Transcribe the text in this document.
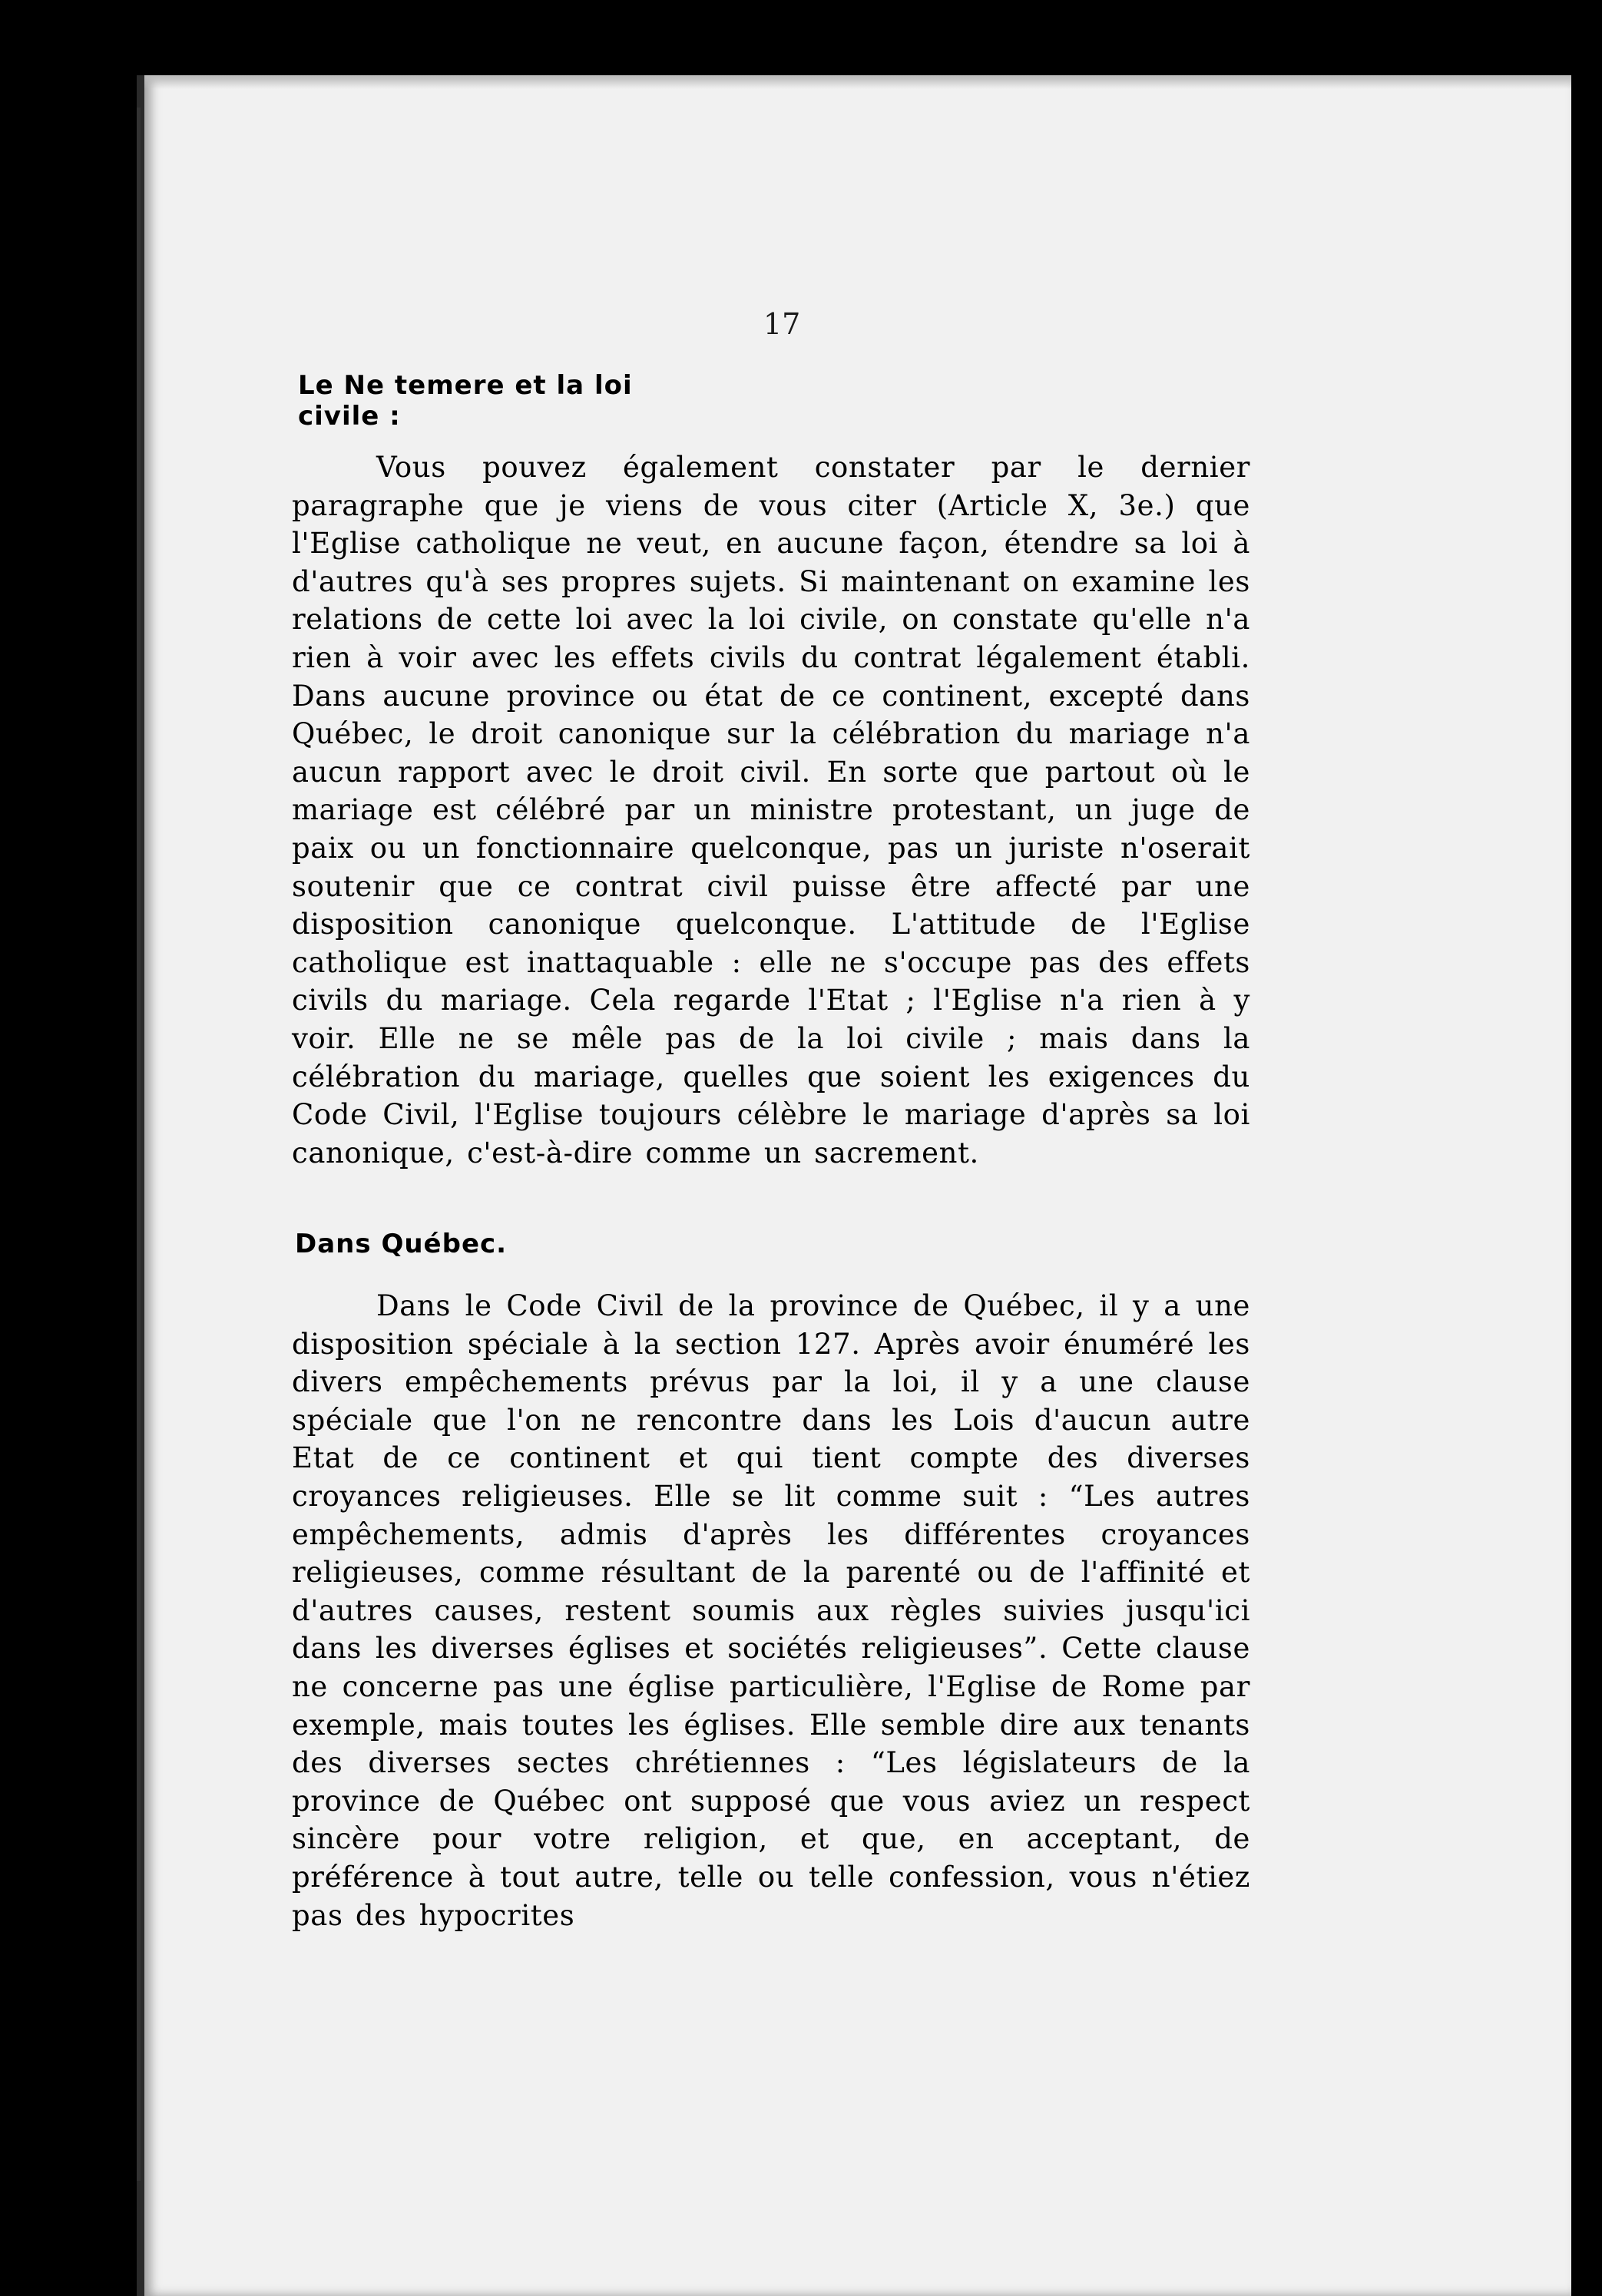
17
Le Ne temere et la loi civile :

Vous pouvez également constater par le dernier paragraphe que je viens de vous citer (Article X, 3e.) que l'Eglise catholique ne veut, en aucune façon, étendre sa loi à d'autres qu'à ses propres sujets. Si maintenant on examine les relations de cette loi avec la loi civile, on constate qu'elle n'a rien à voir avec les effets civils du contrat légalement établi. Dans aucune province ou état de ce continent, excepté dans Québec, le droit canonique sur la célébration du mariage n'a aucun rapport avec le droit civil. En sorte que partout où le mariage est célébré par un ministre protestant, un juge de paix ou un fonctionnaire quelconque, pas un juriste n'oserait soutenir que ce contrat civil puisse être affecté par une disposition canonique quelconque. L'attitude de l'Eglise catholique est inattaquable : elle ne s'occupe pas des effets civils du mariage. Cela regarde l'Etat ; l'Eglise n'a rien à y voir. Elle ne se mêle pas de la loi civile ; mais dans la célébration du mariage, quelles que soient les exigences du Code Civil, l'Eglise toujours célèbre le mariage d'après sa loi canonique, c'est-à-dire comme un sacrement.

Dans Québec.

Dans le Code Civil de la province de Québec, il y a une disposition spéciale à la section 127. Après avoir énuméré les divers empêchements prévus par la loi, il y a une clause spéciale que l'on ne rencontre dans les Lois d'aucun autre Etat de ce continent et qui tient compte des diverses croyances religieuses. Elle se lit comme suit : “Les autres empêchements, admis d'après les différentes croyances religieuses, comme résultant de la parenté ou de l'affinité et d'autres causes, restent soumis aux règles suivies jusqu'ici dans les diverses églises et sociétés religieuses”. Cette clause ne concerne pas une église particulière, l'Eglise de Rome par exemple, mais toutes les églises. Elle semble dire aux tenants des diverses sectes chrétiennes : “Les législateurs de la province de Québec ont supposé que vous aviez un respect sincère pour votre religion, et que, en acceptant, de préférence à tout autre, telle ou telle confession, vous n'étiez pas des hypocrites
